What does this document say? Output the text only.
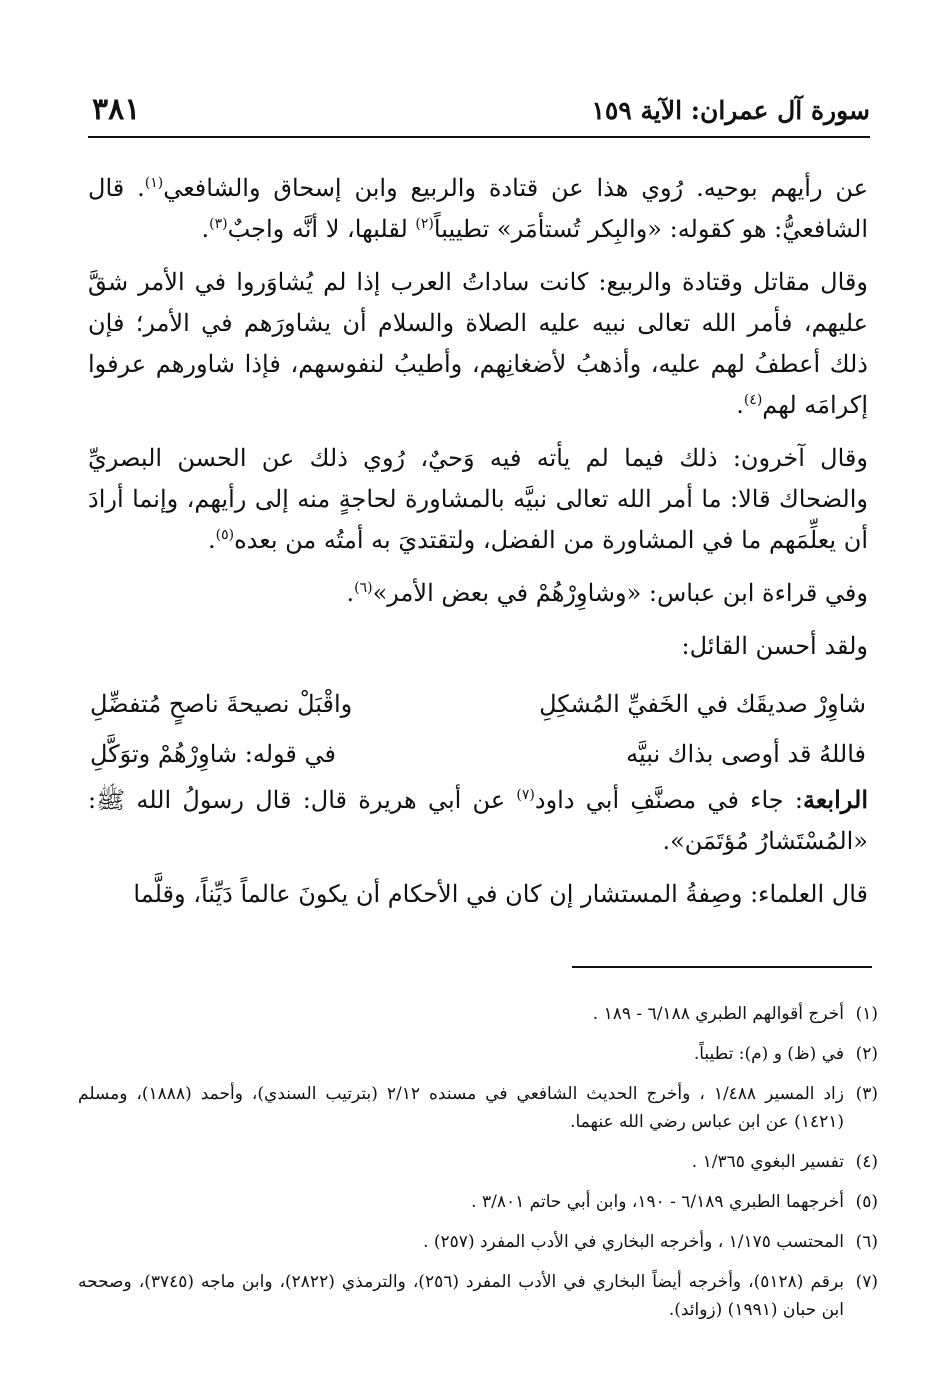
سورة آل عمران: الآية ١٥٩
٣٨١

عن رأيهم بوحيه. رُوي هذا عن قتادة والربيع وابن إسحاق والشافعي$^{(١)}$. قال الشافعيُّ: هو كقوله: «والبِكر تُستأمَر» تطييباً$^{(٢)}$ لقلبها، لا أنَّه واجبٌ$^{(٣)}$.

وقال مقاتل وقتادة والربيع: كانت ساداتُ العرب إذا لم يُشاوَروا في الأمر شقَّ عليهم، فأمر الله تعالى نبيه عليه الصلاة والسلام أن يشاورَهم في الأمر؛ فإن ذلك أعطفُ لهم عليه، وأذهبُ لأضغانِهم، وأطيبُ لنفوسهم، فإذا شاورهم عرفوا إكرامَه لهم$^{(٤)}$.

وقال آخرون: ذلك فيما لم يأته فيه وَحيٌ، رُوي ذلك عن الحسن البصريِّ والضحاك قالا: ما أمر الله تعالى نبيَّه بالمشاورة لحاجةٍ منه إلى رأيهم، وإنما أرادَ أن يعلِّمَهم ما في المشاورة من الفضل، ولتقتديَ به أمتُه من بعده$^{(٥)}$.

وفي قراءة ابن عباس: «وشاوِرْهُمْ في بعض الأمر»$^{(٦)}$.

ولقد أحسن القائل:

شاوِرْ صديقَك في الخَفيِّ المُشكِلِ
واقْبَلْ نصيحةَ ناصحٍ مُتفضِّلِ
فاللهُ قد أوصى بذاك نبيَّه
في قوله: شاوِرْهُمْ وتوَكَّلِ

الرابعة: جاء في مصنَّفِ أبي داود$^{(٧)}$ عن أبي هريرة قال: قال رسولُ الله ﷺ: «المُسْتَشارُ مُؤتَمَن».

قال العلماء: وصِفةُ المستشار إن كان في الأحكام أن يكونَ عالماً دَيِّناً، وقلَّما

(١)
أخرج أقوالهم الطبري ٦/١٨٨ - ١٨٩ .
(٢)
في (ظ) و (م): تطيباً.
(٣)
زاد المسير ١/٤٨٨ ، وأخرج الحديث الشافعي في مسنده ٢/١٢ (بترتيب السندي)، وأحمد (١٨٨٨)، ومسلم (١٤٢١) عن ابن عباس رضي الله عنهما.
(٤)
تفسير البغوي ١/٣٦٥ .
(٥)
أخرجهما الطبري ٦/١٨٩ - ١٩٠، وابن أبي حاتم ٣/٨٠١ .
(٦)
المحتسب ١/١٧٥ ، وأخرجه البخاري في الأدب المفرد (٢٥٧) .
(٧)
برقم (٥١٢٨)، وأخرجه أيضاً البخاري في الأدب المفرد (٢٥٦)، والترمذي (٢٨٢٢)، وابن ماجه (٣٧٤٥)، وصححه ابن حبان (١٩٩١) (زوائد).
